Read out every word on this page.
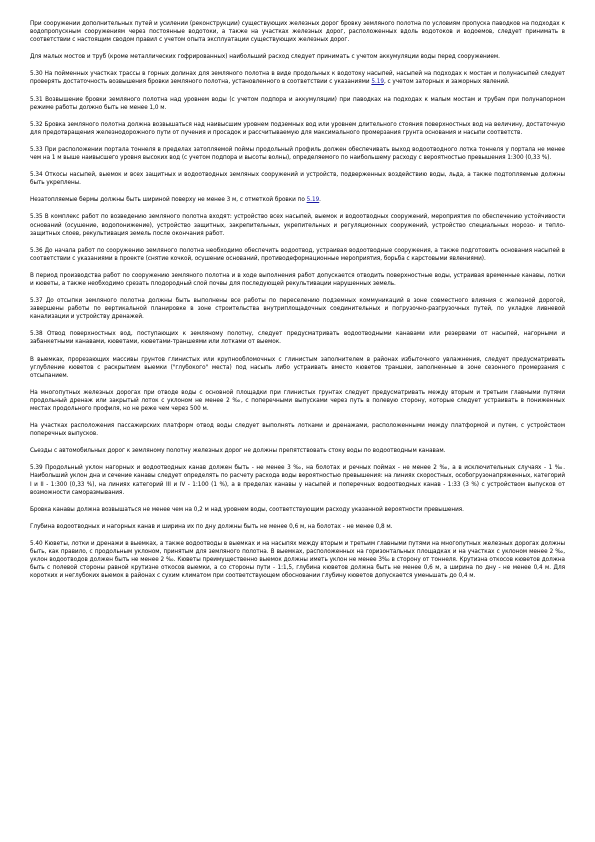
При сооружении дополнительных путей и усилении (реконструкции) существующих железных дорог бровку земляного полотна по условиям пропуска паводков на подходах к водопропускным сооружениям через постоянные водотоки, а также на участках железных дорог, расположенных вдоль водотоков и водоемов, следует принимать в соответствии с настоящим сводом правил с учетом опыта эксплуатации существующих железных дорог.

Для малых мостов и труб (кроме металлических гофрированных) наибольший расход следует принимать с учетом аккумуляции воды перед сооружением.

5.30 На пойменных участках трассы в горных долинах для земляного полотна в виде продольных к водотоку насыпей, насыпей на подходах к мостам и полунасыпей следует проверять достаточность возвышения бровки земляного полотна, установленного в соответствии с указаниями 5.19, с учетом заторных и зажорных явлений.

5.31 Возвышение бровки земляного полотна над уровнем воды (с учетом подпора и аккумуляции) при паводках на подходах к малым мостам и трубам при полунапорном режиме работы должно быть не менее 1,0 м.

5.32 Бровка земляного полотна должна возвышаться над наивысшим уровнем подземных вод или уровнем длительного стояния поверхностных вод на величину, достаточную для предотвращения железнодорожного пути от пучения и просадок и рассчитываемую для максимального промерзания грунта основания и насыпи соответств.

5.33 При расположении портала тоннеля в пределах затопляемой поймы продольный профиль должен обеспечивать выход водоотводного лотка тоннеля у портала не менее чем на 1 м выше наивысшего уровня высоких вод (с учетом подпора и высоты волны), определяемого по наибольшему расходу с вероятностью превышения 1:300 (0,33 %).

5.34 Откосы насыпей, выемок и всех защитных и водоотводных земляных сооружений и устройств, подверженных воздействию воды, льда, а также подтопляемые должны быть укреплены.

Незатопляемые бермы должны быть шириной поверху не менее 3 м, с отметкой бровки по 5.19.

5.35 В комплекс работ по возведению земляного полотна входят: устройство всех насыпей, выемок и водоотводных сооружений, мероприятия по обеспечению устойчивости оснований (осушение, водопонижение), устройство защитных, закрепительных, укрепительных и регуляционных сооружений, устройство специальных морозо- и тепло-защитных слоев, рекультивация земель после окончания работ.

5.36 До начала работ по сооружению земляного полотна необходимо обеспечить водоотвод, устраивая водоотводные сооружения, а также подготовить основания насыпей в соответствии с указаниями в проекте (снятие кочкой, осушение оснований, противодеформационные мероприятия, борьба с карстовыми явлениями).

В период производства работ по сооружению земляного полотна и в ходе выполнения работ допускается отводить поверхностные воды, устраивая временные канавы, лотки и кюветы, а также необходимо срезать плодородный слой почвы для последующей рекультивации нарушенных земель.

5.37 До отсыпки земляного полотна должны быть выполнены все работы по переселению подземных коммуникаций в зоне совместного влияния с железной дорогой, завершены работы по вертикальной планировке в зоне строительства внутриплощадочных соединительных и погрузочно-разгрузочных путей, по укладке ливневой канализации и устройству дренажей.

5.38 Отвод поверхностных вод, поступающих к земляному полотну, следует предусматривать водоотводными канавами или резервами от насыпей, нагорными и забанкетными канавами, кюветами, кюветами-траншеями или лотками от выемок.

В выемках, прорезающих массивы грунтов глинистых или крупнообломочных с глинистым заполнителем в районах избыточного увлажнения, следует предусматривать углубление кюветов с раскрытием выемки ("глубокого" места) под насыпь либо устраивать вместо кюветов траншеи, заполненные в зоне сезонного промерзания с отсыпанием.

На многопутных железных дорогах при отводе воды с основной площадки при глинистых грунтах следует предусматривать между вторым и третьим главными путями продольный дренаж или закрытый лоток с уклоном не менее 2 ‰, с поперечными выпусками через путь в полевую сторону, которые следует устраивать в пониженных местах продольного профиля, но не реже чем через 500 м.

На участках расположения пассажирских платформ отвод воды следует выполнять лотками и дренажами, расположенными между платформой и путем, с устройством поперечных выпусков.

Сьезды с автомобильных дорог к земляному полотну железных дорог не должны препятствовать стоку воды по водоотводным канавам.

5.39 Продольный уклон нагорных и водоотводных канав должен быть - не менее 3 ‰, на болотах и речных поймах - не менее 2 ‰, а в исключительных случаях - 1 ‰. Наибольший уклон дна и сечение канавы следует определять по расчету расхода воды вероятностью превышения: на линиях скоростных, особогрузонапряженных, категорий I и II - 1:300 (0,33 %), на линиях категорий III и IV - 1:100 (1 %), а в пределах канавы у насыпей и поперечных водоотводных канав - 1:33 (3 %) с устройством выпусков от возможности саморазмывания.

Бровка канавы должна возвышаться не менее чем на 0,2 м над уровнем воды, соответствующим расходу указанной вероятности превышения.

Глубина водоотводных и нагорных канав и ширина их по дну должны быть не менее 0,6 м, на болотах - не менее 0,8 м.

5.40 Кюветы, лотки и дренажи в выемках, а также водоотводы в выемках и на насыпях между вторым и третьим главными путями на многопутных железных дорогах должны быть, как правило, с продольным уклоном, принятым для земляного полотна. В выемках, расположенных на горизонтальных площадках и на участках с уклоном менее 2 ‰, уклон водоотводов должен быть не менее 2 ‰. Кюветы преимущественно выемок должны иметь уклон не менее 3‰ в сторону от тоннеля. Крутизна откосов кюветов должна быть с полевой стороны равной крутизне откосов выемки, а со стороны пути - 1:1,5, глубина кюветов должна быть не менее 0,6 м, а ширина по дну - не менее 0,4 м. Для коротких и неглубоких выемок в районах с сухим климатом при соответствующем обосновании глубину кюветов допускается уменьшать до 0,4 м.
